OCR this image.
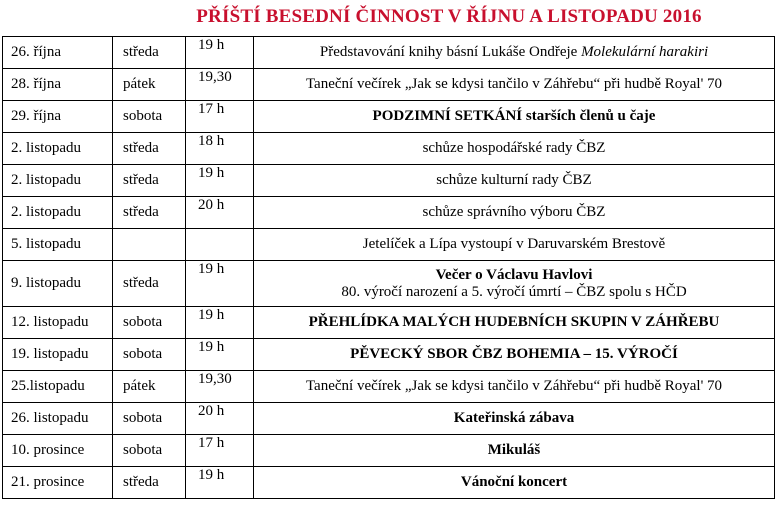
PŘÍŠTÍ BESEDNÍ ČINNOST V ŘÍJNU A LISTOPADU 2016
26. října	středa	19 h	Představování knihy básní Lukáše Ondřeje Molekulární harakiri
28. října	pátek	19,30	Taneční večírek „Jak se kdysi tančilo v Záhřebu“ při hudbě Royal' 70
29. října	sobota	17 h	PODZIMNÍ SETKÁNÍ starších členů u čaje
2. listopadu	středa	18 h	schůze hospodářské rady ČBZ
2. listopadu	středa	19 h	schůze kulturní rady ČBZ
2. listopadu	středa	20 h	schůze správního výboru ČBZ
5. listopadu			Jetelíček a Lípa vystoupí v Daruvarském Brestově
9. listopadu	středa	19 h	Večer o Václavu Havlovi
80. výročí narození a 5. výročí úmrtí – ČBZ spolu s HČD

12. listopadu	sobota	19 h	PŘEHLÍDKA MALÝCH HUDEBNÍCH SKUPIN V ZÁHŘEBU
19. listopadu	sobota	19 h	PĚVECKÝ SBOR ČBZ BOHEMIA – 15. VÝROČÍ
25.listopadu	pátek	19,30	Taneční večírek „Jak se kdysi tančilo v Záhřebu“ při hudbě Royal' 70
26. listopadu	sobota	20 h	Kateřinská zábava
10. prosince	sobota	17 h	Mikuláš
21. prosince	středa	19 h	Vánoční koncert
